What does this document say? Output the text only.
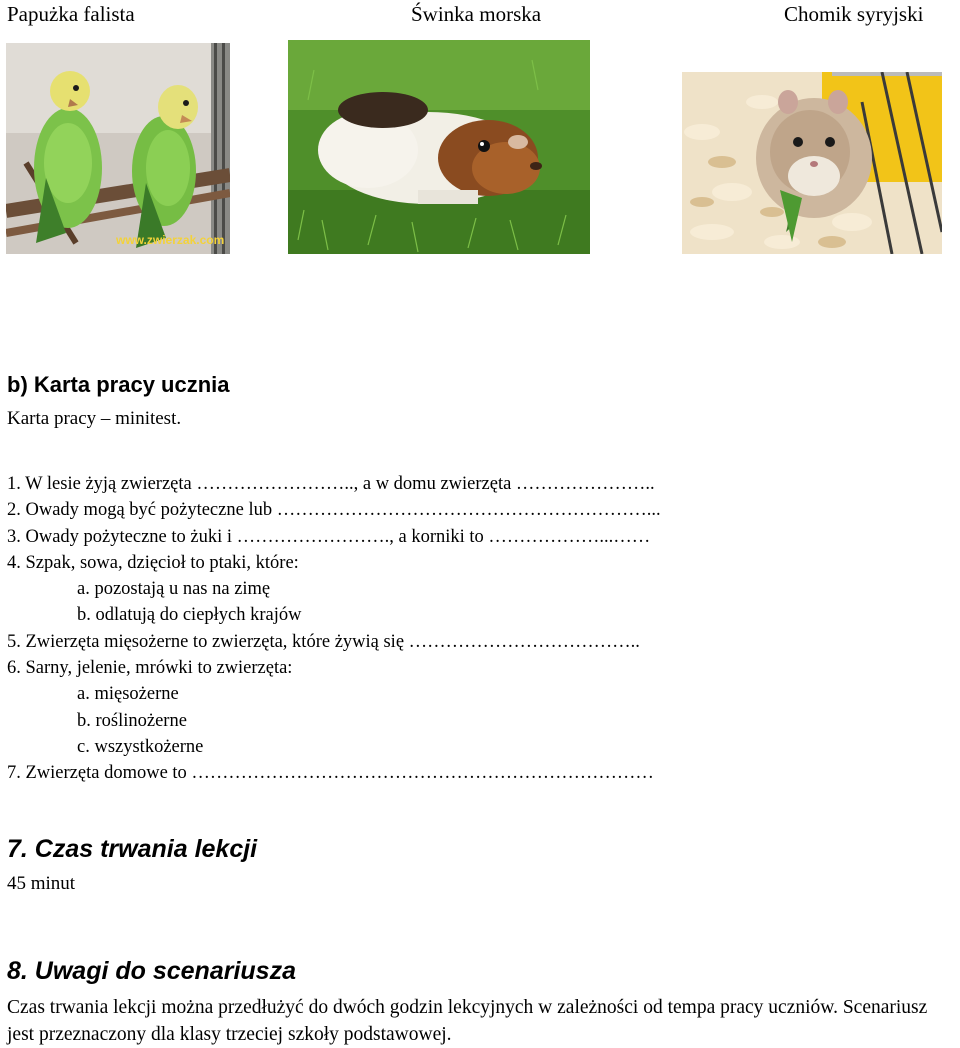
Papużka falista	Świnka morska	Chomik syryjski
www.zwierzak.com
b) Karta pracy ucznia
Karta pracy – minitest.
1. W lesie żyją zwierzęta …………………….., a w domu zwierzęta …………………..
2. Owady mogą być pożyteczne lub ……………………………………………………...
3. Owady pożyteczne to żuki i ……………………., a korniki to ………………...……
4. Szpak, sowa, dzięcioł to ptaki, które:
a. pozostają u nas na zimę
b. odlatują do ciepłych krajów
5. Zwierzęta mięsożerne to zwierzęta, które żywią się ………………………………..
6. Sarny, jelenie, mrówki to zwierzęta:
a. mięsożerne
b. roślinożerne
c. wszystkożerne
7. Zwierzęta domowe to …………………………………………………………………
7. Czas trwania lekcji
45 minut
8. Uwagi do scenariusza
Czas trwania lekcji można przedłużyć do dwóch godzin lekcyjnych w zależności od tempa pracy uczniów. Scenariusz jest przeznaczony dla klasy trzeciej szkoły podstawowej.
